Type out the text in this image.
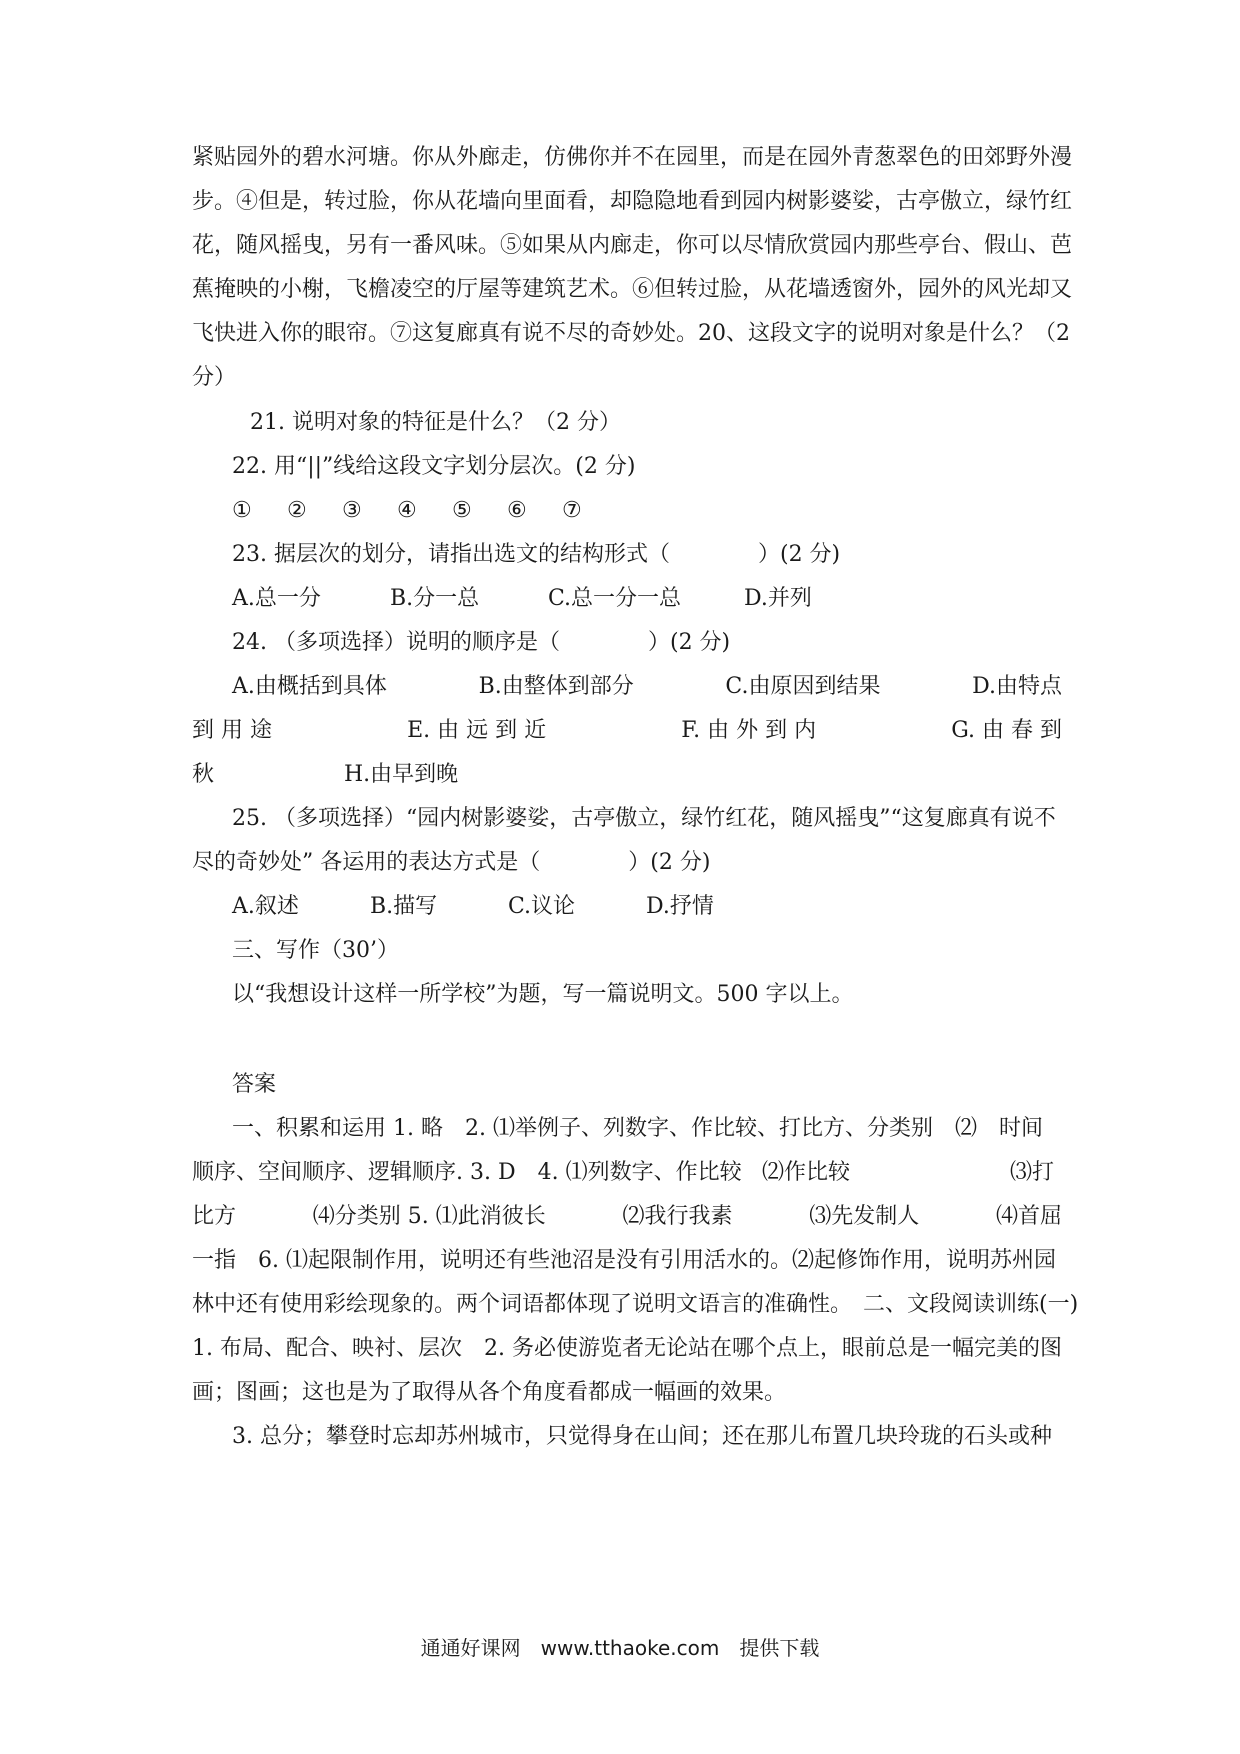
紧贴园外的碧水河塘。你从外廊走，仿佛你并不在园里，而是在园外青葱翠色的田郊野外漫
步。④但是，转过脸，你从花墙向里面看，却隐隐地看到园内树影婆娑，古亭傲立，绿竹红
花，随风摇曳，另有一番风味。⑤如果从内廊走，你可以尽情欣赏园内那些亭台、假山、芭
蕉掩映的小榭，飞檐凌空的厅屋等建筑艺术。⑥但转过脸，从花墙透窗外，园外的风光却又
飞快进入你的眼帘。⑦这复廊真有说不尽的奇妙处。20、这段文字的说明对象是什么？（2
分）
21. 说明对象的特征是什么？（2 分）
22. 用“||”线给这段文字划分层次。(2 分)
①	②	③	④	⑤	⑥	⑦
23. 据层次的划分，请指出选文的结构形式（　　　　）(2 分)
A.总一分	B.分一总	C.总一分一总	D.并列
24. （多项选择）说明的顺序是（　　　　）(2 分)
A.由概括到具体	B.由整体到部分	C.由原因到结果	D.由特点
到 用 途	E. 由 远 到 近	F. 由 外 到 内	G. 由 春 到
秋	H.由早到晚
25. （多项选择）“园内树影婆娑，古亭傲立，绿竹红花，随风摇曳”“这复廊真有说不
尽的奇妙处” 各运用的表达方式是（　　　　）(2 分)
A.叙述	B.描写	C.议论	D.抒情
三、写作（30’）
以“我想设计这样一所学校”为题，写一篇说明文。500 字以上。
答案
一、积累和运用 1. 略　2. ⑴举例子、列数字、作比较、打比方、分类别　⑵　时间
顺序、空间顺序、逻辑顺序. 3. D　4. ⑴列数字、作比较 ⑵作比较	⑶打
比方	⑷分类别 5. ⑴此消彼长	⑵我行我素	⑶先发制人	⑷首屈
一指　6. ⑴起限制作用，说明还有些池沼是没有引用活水的。⑵起修饰作用，说明苏州园
林中还有使用彩绘现象的。两个词语都体现了说明文语言的准确性。　二、文段阅读训练(一)
1. 布局、配合、映衬、层次　2. 务必使游览者无论站在哪个点上，眼前总是一幅完美的图
画；图画；这也是为了取得从各个角度看都成一幅画的效果。
3. 总分；攀登时忘却苏州城市，只觉得身在山间；还在那儿布置几块玲珑的石头或种
通通好课网　www.tthaoke.com　提供下载
